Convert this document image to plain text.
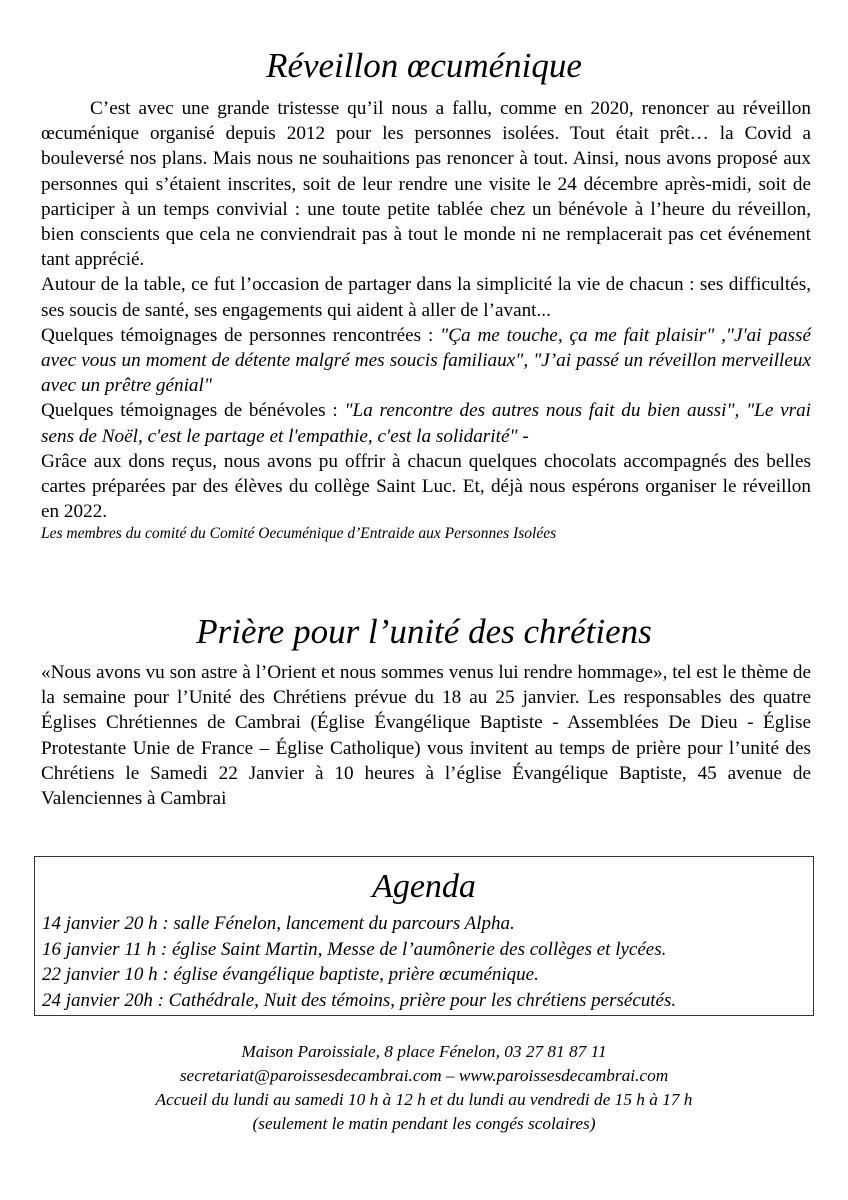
Réveillon œcuménique

C’est avec une grande tristesse qu’il nous a fallu, comme en 2020, renoncer au réveillon œcuménique organisé depuis 2012 pour les personnes isolées. Tout était prêt… la Covid a bouleversé nos plans. Mais nous ne souhaitions pas renoncer à tout. Ainsi, nous avons proposé aux personnes qui s’étaient inscrites, soit de leur rendre une visite le 24 décembre après-midi, soit de participer à un temps convivial : une toute petite tablée chez un bénévole à l’heure du réveillon, bien conscients que cela ne conviendrait pas à tout le monde ni ne remplacerait pas cet événement tant apprécié.

Autour de la table, ce fut l’occasion de partager dans la simplicité la vie de chacun : ses difficultés, ses soucis de santé, ses engagements qui aident à aller de l’avant...

Quelques témoignages de personnes rencontrées : "Ça me touche, ça me fait plaisir" ,"J'ai passé avec vous un moment de détente malgré mes soucis familiaux", "J’ai passé un réveillon merveilleux avec un prêtre génial"

Quelques témoignages de bénévoles : "La rencontre des autres nous fait du bien aussi", "Le vrai sens de Noël, c'est le partage et l'empathie, c'est la solidarité" -

Grâce aux dons reçus, nous avons pu offrir à chacun quelques chocolats accompagnés des belles cartes préparées par des élèves du collège Saint Luc. Et, déjà nous espérons organiser le réveillon en 2022.

Les membres du comité du Comité Oecuménique d’Entraide aux Personnes Isolées

Prière pour l’unité des chrétiens

«Nous avons vu son astre à l’Orient et nous sommes venus lui rendre hommage», tel est le thème de la semaine pour l’Unité des Chrétiens prévue du 18 au 25 janvier. Les responsables des quatre Églises Chrétiennes de Cambrai (Église Évangélique Baptiste - Assemblées De Dieu - Église Protestante Unie de France – Église Catholique) vous invitent au temps de prière pour l’unité des Chrétiens le Samedi 22 Janvier à 10 heures à l’église Évangélique Baptiste, 45 avenue de Valenciennes à Cambrai

Agenda
14 janvier 20 h : salle Fénelon, lancement du parcours Alpha.
16 janvier 11 h : église Saint Martin, Messe de l’aumônerie des collèges et lycées.
22 janvier 10 h : église évangélique baptiste, prière œcuménique.
24 janvier 20h : Cathédrale, Nuit des témoins, prière pour les chrétiens persécutés.
Maison Paroissiale, 8 place Fénelon, 03 27 81 87 11
secretariat@paroissesdecambrai.com – www.paroissesdecambrai.com
Accueil du lundi au samedi 10 h à 12 h et du lundi au vendredi de 15 h à 17 h
(seulement le matin pendant les congés scolaires)
